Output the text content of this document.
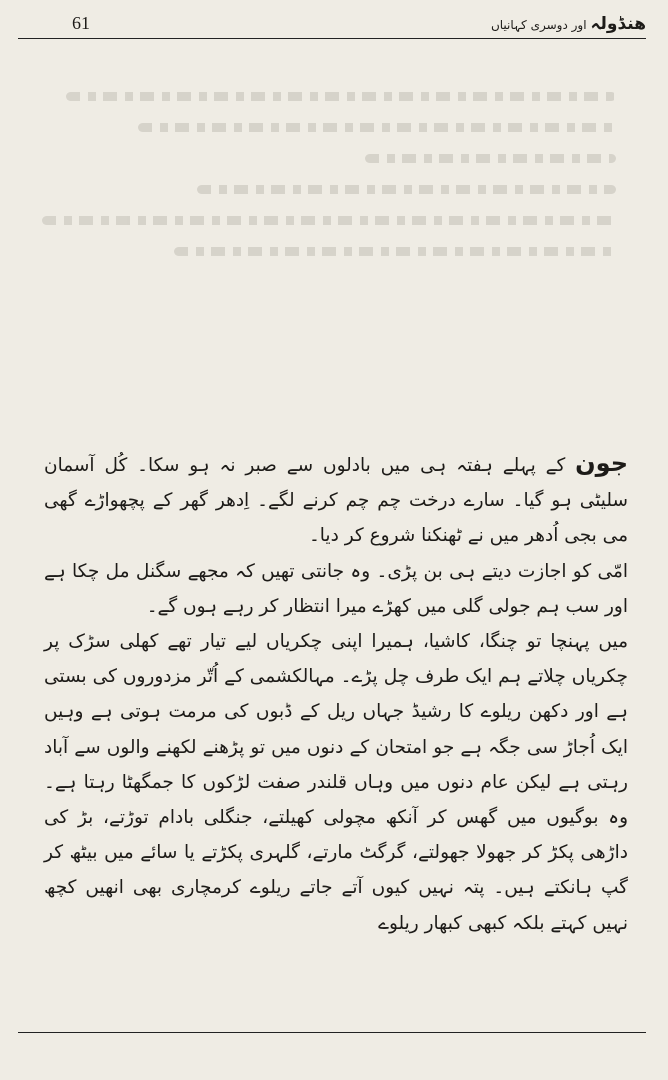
61	ھنڈولہ
اور دوسری کہانیاں

جون کے پہلے ہفتہ ہی میں بادلوں سے صبر نہ ہو سکا۔ کُل آسمان سلیٹی ہو گیا۔ سارے درخت چم چم کرنے لگے۔ اِدھر گھر کے پچھواڑے گھی می بجی اُدھر میں نے ٹھنکنا شروع کر دیا۔

امّی کو اجازت دیتے ہی بن پڑی۔ وہ جانتی تھیں کہ مجھے سگنل مل چکا ہے اور سب ہم جولی گلی میں کھڑے میرا انتظار کر رہے ہوں گے۔

میں پہنچا تو چنگا، کاشیا، ہمیرا اپنی چکریاں لیے تیار تھے کھلی سڑک پر چکریاں چلاتے ہم ایک طرف چل پڑے۔ مہالکشمی کے اُتّر مزدوروں کی بستی ہے اور دکھن ریلوے کا رشیڈ جہاں ریل کے ڈبوں کی مرمت ہوتی ہے وہیں ایک اُجاڑ سی جگہ ہے جو امتحان کے دنوں میں تو پڑھنے لکھنے والوں سے آباد رہتی ہے لیکن عام دنوں میں وہاں قلندر صفت لڑکوں کا جمگھٹا رہتا ہے۔ وہ بوگیوں میں گھس کر آنکھ مچولی کھیلتے، جنگلی بادام توڑتے، بڑ کی داڑھی پکڑ کر جھولا جھولتے، گرگٹ مارتے، گلہری پکڑتے یا سائے میں بیٹھ کر گپ ہانکتے ہیں۔ پتہ نہیں کیوں آتے جاتے ریلوے کرمچاری بھی انھیں کچھ نہیں کہتے بلکہ کبھی کبھار ریلوے
